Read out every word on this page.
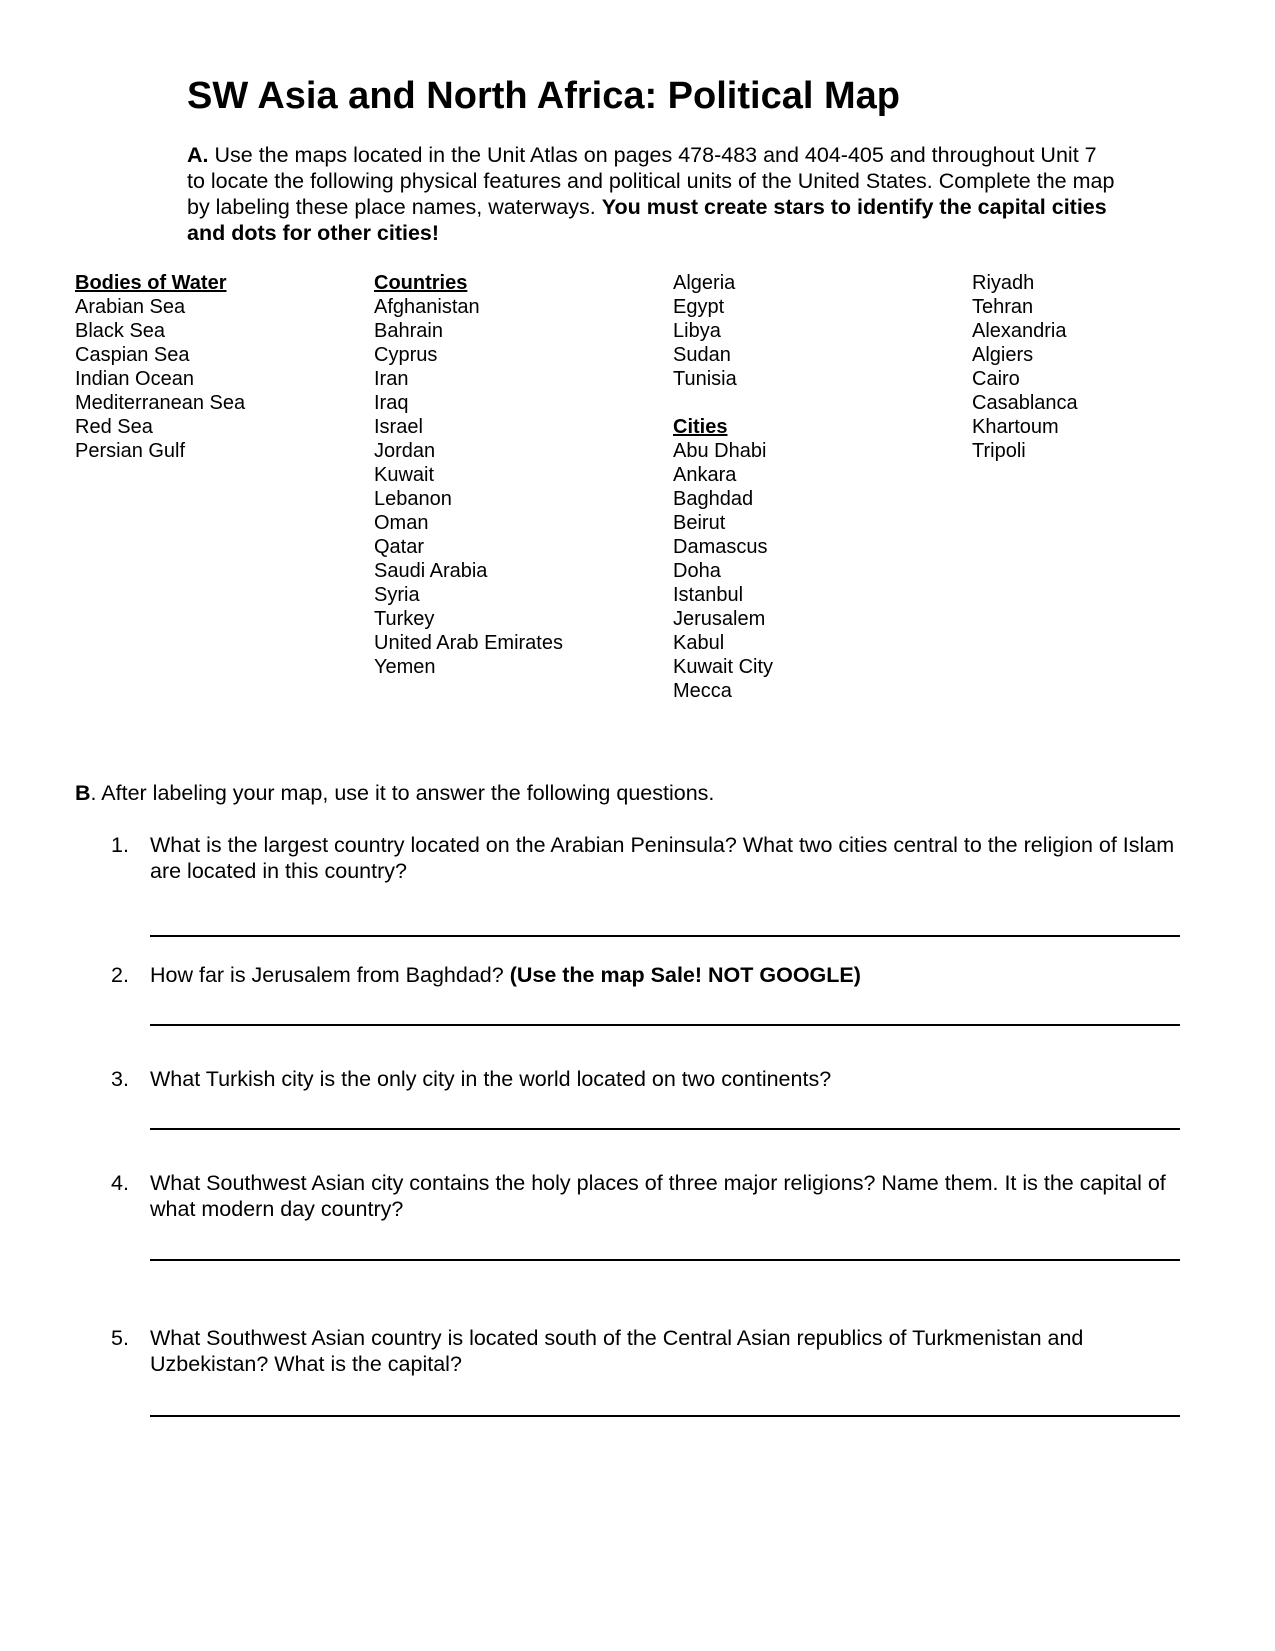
SW Asia and North Africa: Political Map

A. Use the maps located in the Unit Atlas on pages 478-483 and 404-405 and throughout Unit 7 to locate the following physical features and political units of the United States. Complete the map by labeling these place names, waterways. You must create stars to identify the capital cities and dots for other cities!

Bodies of Water
Arabian Sea
Black Sea
Caspian Sea
Indian Ocean
Mediterranean Sea
Red Sea
Persian Gulf
Countries
Afghanistan
Bahrain
Cyprus
Iran
Iraq
Israel
Jordan
Kuwait
Lebanon
Oman
Qatar
Saudi Arabia
Syria
Turkey
United Arab Emirates
Yemen
Algeria
Egypt
Libya
Sudan
Tunisia
Cities
Abu Dhabi
Ankara
Baghdad
Beirut
Damascus
Doha
Istanbul
Jerusalem
Kabul
Kuwait City
Mecca
Riyadh
Tehran
Alexandria
Algiers
Cairo
Casablanca
Khartoum
Tripoli

B. After labeling your map, use it to answer the following questions.

1. What is the largest country located on the Arabian Peninsula? What two cities central to the religion of Islam are located in this country?
2. How far is Jerusalem from Baghdad? (Use the map Sale! NOT GOOGLE)
3. What Turkish city is the only city in the world located on two continents?
4. What Southwest Asian city contains the holy places of three major religions? Name them. It is the capital of what modern day country?
5. What Southwest Asian country is located south of the Central Asian republics of Turkmenistan and Uzbekistan? What is the capital?
